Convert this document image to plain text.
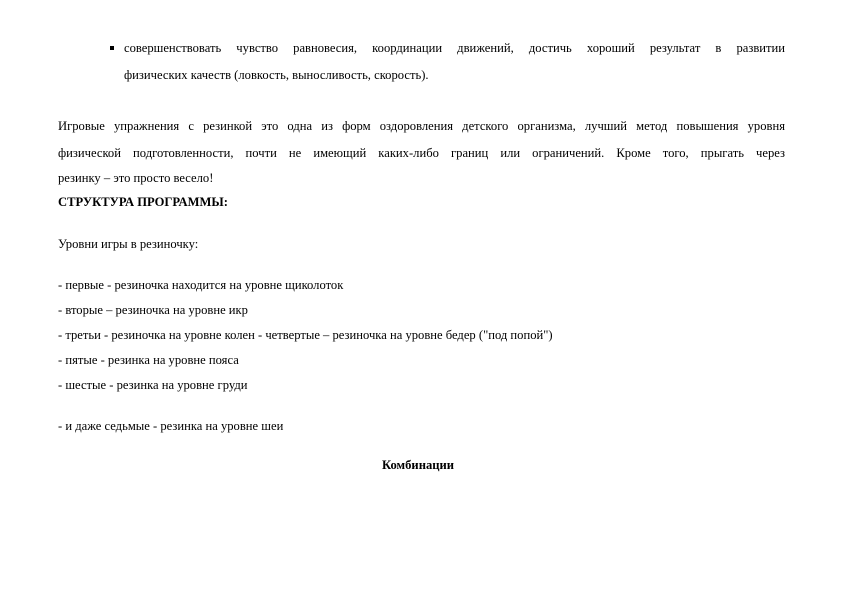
совершенствовать чувство равновесия, координации движений, достичь хороший результат в развитии
физических качеств (ловкость, выносливость, скорость).
Игровые упражнения с резинкой это одна из форм оздоровления детского организма, лучший метод повышения уровня
физической подготовленности, почти не имеющий каких-либо границ или ограничений. Кроме того, прыгать через
резинку – это просто весело!
СТРУКТУРА ПРОГРАММЫ:
Уровни игры в резиночку:
- первые - резиночка находится на уровне щиколоток
- вторые – резиночка на уровне икр
- третьи - резиночка на уровне колен - четвертые – резиночка на уровне бедер ("под попой")
- пятые - резинка на уровне пояса
- шестые - резинка на уровне груди
- и даже седьмые - резинка на уровне шеи
Комбинации
